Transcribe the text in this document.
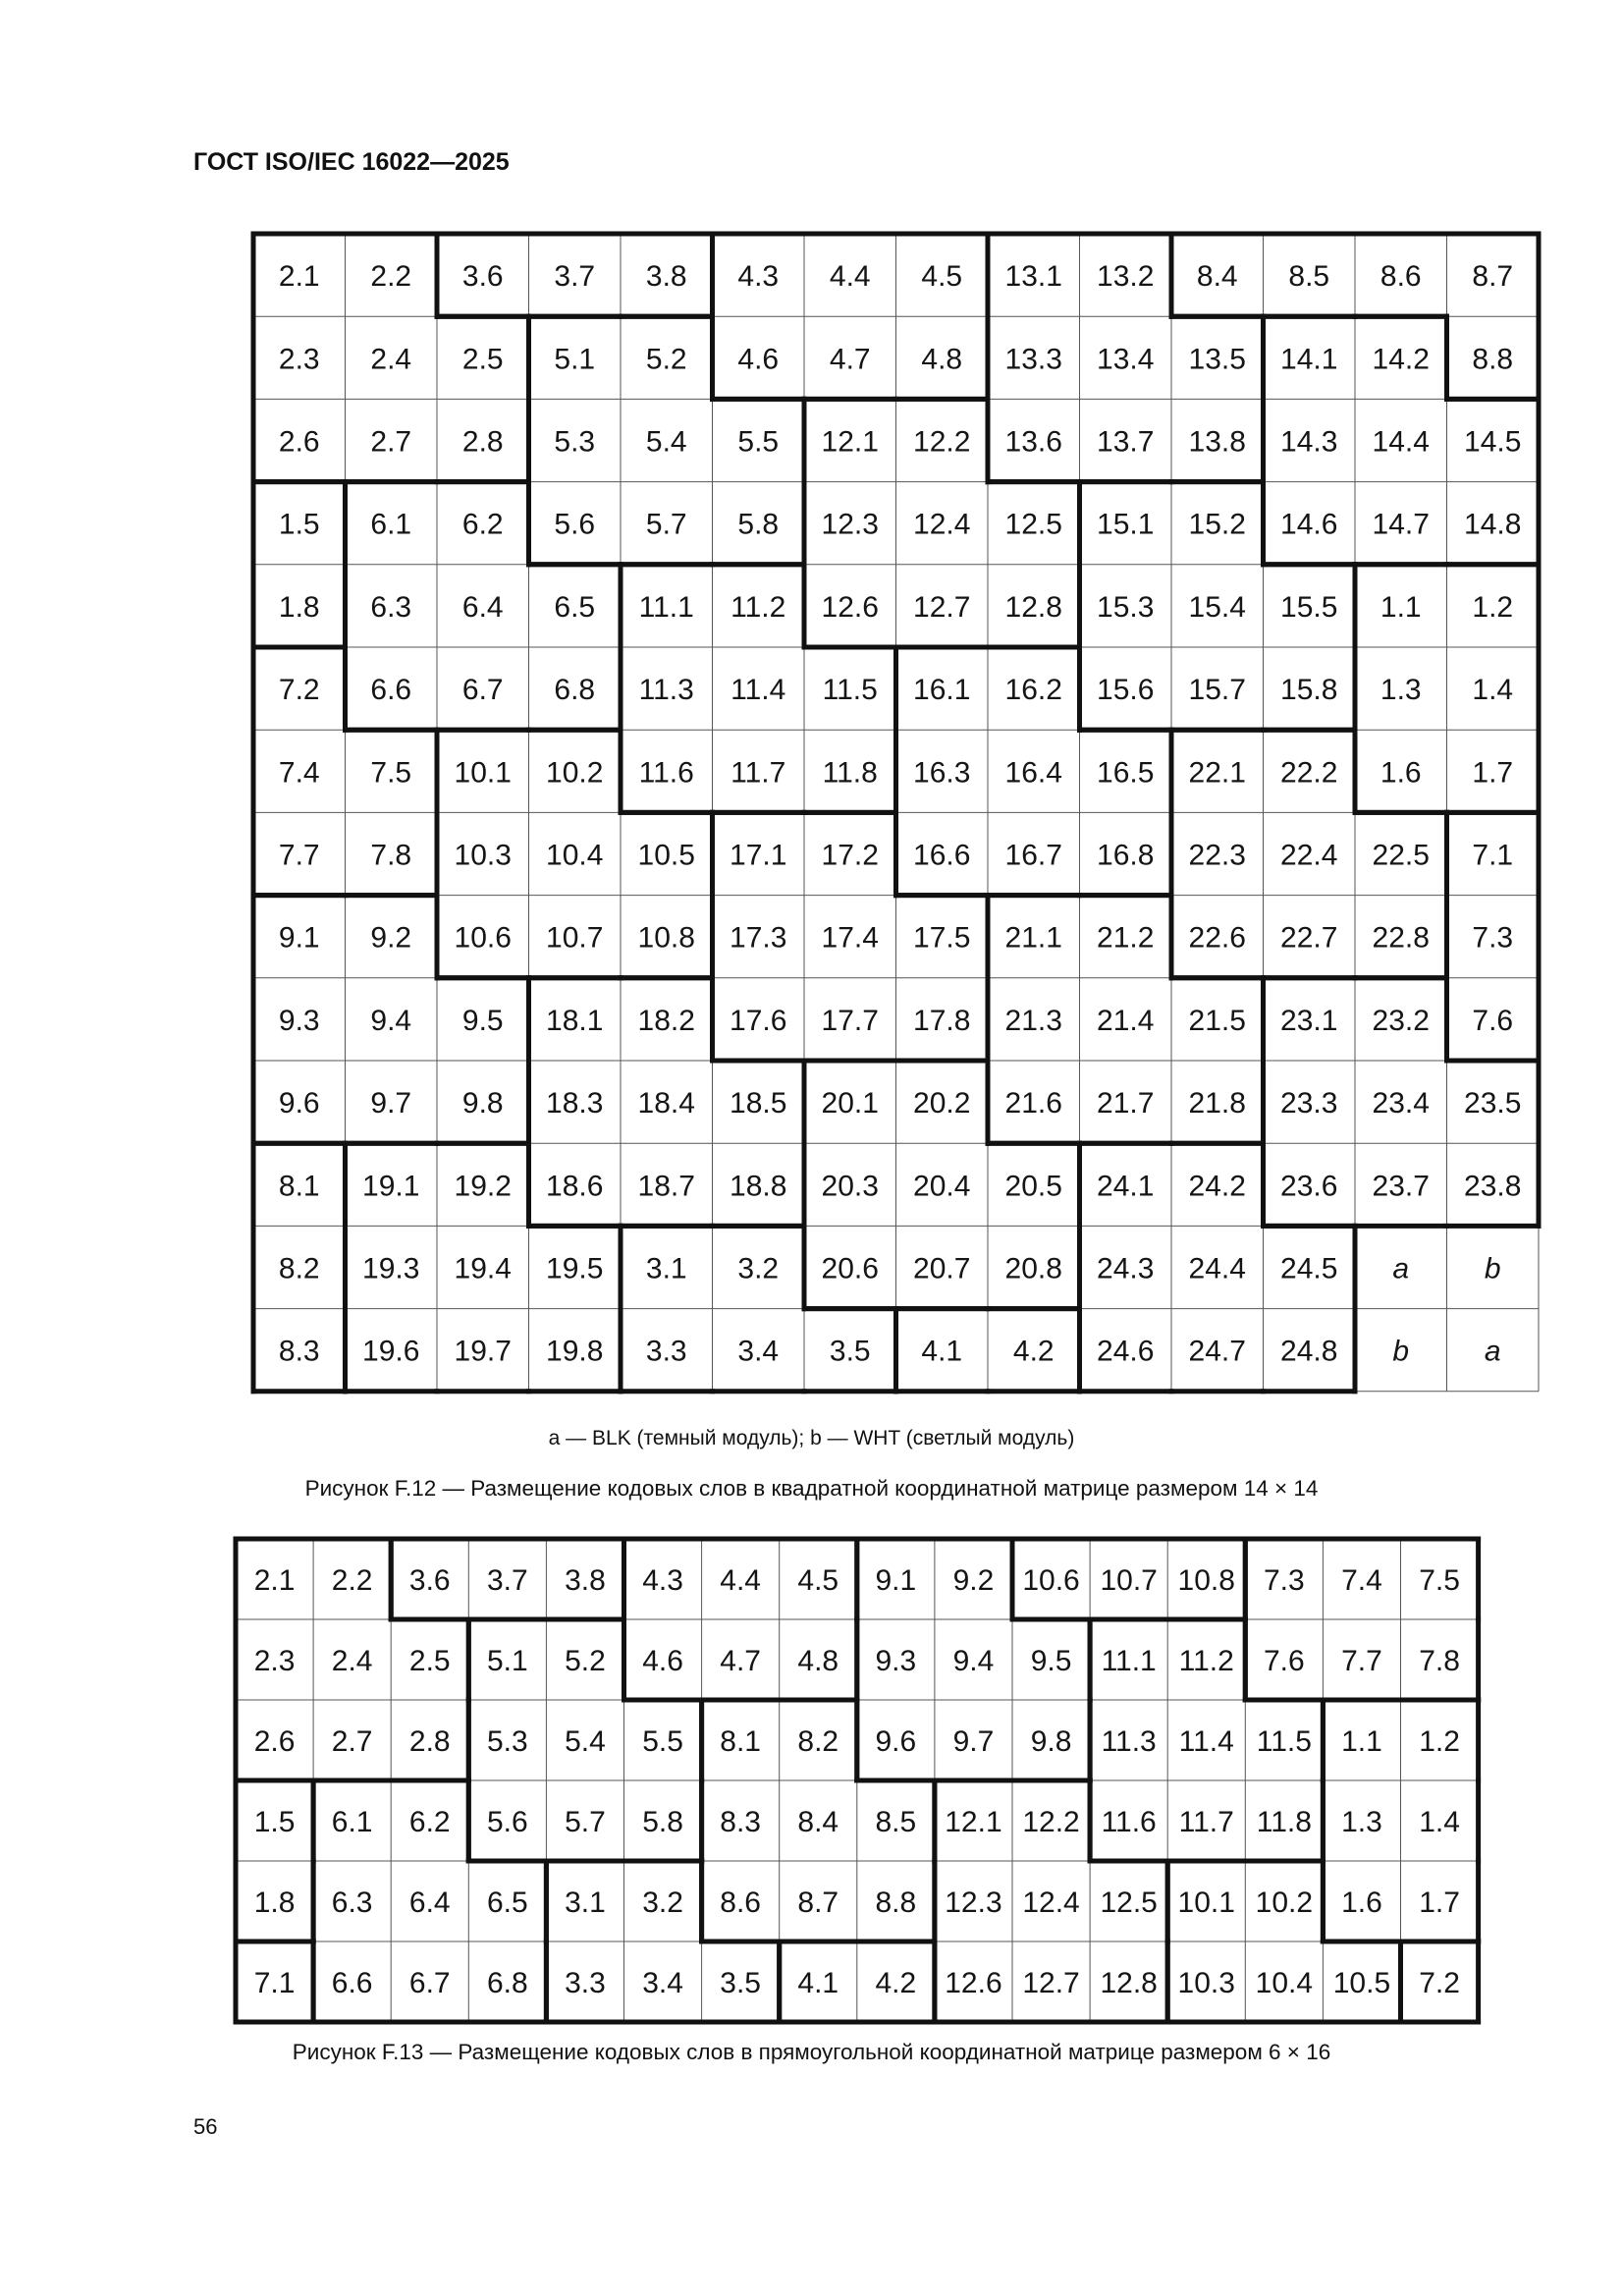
ГОСТ ISO/IEC 16022—2025
2.1 2.2 3.6 3.7 3.8 4.3 4.4 4.5 13.1 13.2 8.4 8.5 8.6 8.7
2.3 2.4 2.5 5.1 5.2 4.6 4.7 4.8 13.3 13.4 13.5 14.1 14.2 8.8
2.6 2.7 2.8 5.3 5.4 5.5 12.1 12.2 13.6 13.7 13.8 14.3 14.4 14.5
1.5 6.1 6.2 5.6 5.7 5.8 12.3 12.4 12.5 15.1 15.2 14.6 14.7 14.8
1.8 6.3 6.4 6.5 11.1 11.2 12.6 12.7 12.8 15.3 15.4 15.5 1.1 1.2
7.2 6.6 6.7 6.8 11.3 11.4 11.5 16.1 16.2 15.6 15.7 15.8 1.3 1.4
7.4 7.5 10.1 10.2 11.6 11.7 11.8 16.3 16.4 16.5 22.1 22.2 1.6 1.7
7.7 7.8 10.3 10.4 10.5 17.1 17.2 16.6 16.7 16.8 22.3 22.4 22.5 7.1
9.1 9.2 10.6 10.7 10.8 17.3 17.4 17.5 21.1 21.2 22.6 22.7 22.8 7.3
9.3 9.4 9.5 18.1 18.2 17.6 17.7 17.8 21.3 21.4 21.5 23.1 23.2 7.6
9.6 9.7 9.8 18.3 18.4 18.5 20.1 20.2 21.6 21.7 21.8 23.3 23.4 23.5
8.1 19.1 19.2 18.6 18.7 18.8 20.3 20.4 20.5 24.1 24.2 23.6 23.7 23.8
8.2 19.3 19.4 19.5 3.1 3.2 20.6 20.7 20.8 24.3 24.4 24.5 a	b
8.3 19.6 19.7 19.8 3.3 3.4 3.5 4.1 4.2 24.6 24.7 24.8 b	a
2.1 2.2 3.6 3.7 3.8 4.3 4.4 4.5 9.1 9.2 10.6 10.7 10.8 7.3 7.4 7.5
2.3 2.4 2.5 5.1 5.2 4.6 4.7 4.8 9.3 9.4 9.5 11.1 11.2 7.6 7.7 7.8
2.6 2.7 2.8 5.3 5.4 5.5 8.1 8.2 9.6 9.7 9.8 11.3 11.4 11.5 1.1 1.2
1.5 6.1 6.2 5.6 5.7 5.8 8.3 8.4 8.5 12.1 12.2 11.6 11.7 11.8 1.3 1.4
1.8 6.3 6.4 6.5 3.1 3.2 8.6 8.7 8.8 12.3 12.4 12.5 10.1 10.2 1.6 1.7
7.1 6.6 6.7 6.8 3.3 3.4 3.5 4.1 4.2 12.6 12.7 12.8 10.3 10.4 10.5 7.2
a — BLK (темный модуль); b — WHT (светлый модуль)
Рисунок F.12 — Размещение кодовых слов в квадратной координатной матрице размером 14 × 14
Рисунок F.13 — Размещение кодовых слов в прямоугольной координатной матрице размером 6 × 16
56
